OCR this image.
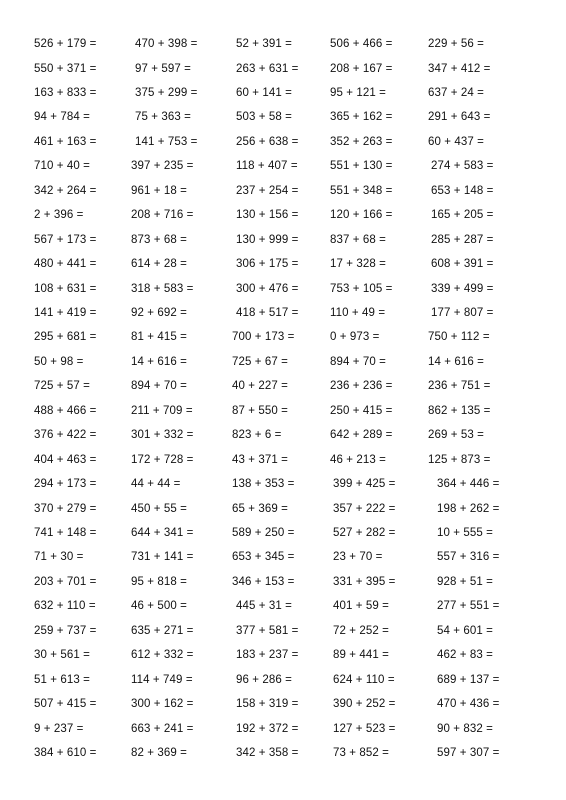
526 + 179 =	470 + 398 =	52 + 391 =	506 + 466 =	229 + 56 =
550 + 371 =	97 + 597 =	263 + 631 =	208 + 167 =	347 + 412 =
163 + 833 =	375 + 299 =	60 + 141 =	95 + 121 =	637 + 24 =
94 + 784 =	75 + 363 =	503 + 58 =	365 + 162 =	291 + 643 =
461 + 163 =	141 + 753 =	256 + 638 =	352 + 263 =	60 + 437 =
710 + 40 =	397 + 235 =	118 + 407 =	551 + 130 =	274 + 583 =
342 + 264 =	961 + 18 =	237 + 254 =	551 + 348 =	653 + 148 =
2 + 396 =	208 + 716 =	130 + 156 =	120 + 166 =	165 + 205 =
567 + 173 =	873 + 68 =	130 + 999 =	837 + 68 =	285 + 287 =
480 + 441 =	614 + 28 =	306 + 175 =	17 + 328 =	608 + 391 =
108 + 631 =	318 + 583 =	300 + 476 =	753 + 105 =	339 + 499 =
141 + 419 =	92 + 692 =	418 + 517 =	110 + 49 =	177 + 807 =
295 + 681 =	81 + 415 =	700 + 173 =	0 + 973 =	750 + 112 =
50 + 98 =	14 + 616 =	725 + 67 =	894 + 70 =	14 + 616 =
725 + 57 =	894 + 70 =	40 + 227 =	236 + 236 =	236 + 751 =
488 + 466 =	211 + 709 =	87 + 550 =	250 + 415 =	862 + 135 =
376 + 422 =	301 + 332 =	823 + 6 =	642 + 289 =	269 + 53 =
404 + 463 =	172 + 728 =	43 + 371 =	46 + 213 =	125 + 873 =
294 + 173 =	44 + 44 =	138 + 353 =	399 + 425 =	364 + 446 =
370 + 279 =	450 + 55 =	65 + 369 =	357 + 222 =	198 + 262 =
741 + 148 =	644 + 341 =	589 + 250 =	527 + 282 =	10 + 555 =
71 + 30 =	731 + 141 =	653 + 345 =	23 + 70 =	557 + 316 =
203 + 701 =	95 + 818 =	346 + 153 =	331 + 395 =	928 + 51 =
632 + 110 =	46 + 500 =	445 + 31 =	401 + 59 =	277 + 551 =
259 + 737 =	635 + 271 =	377 + 581 =	72 + 252 =	54 + 601 =
30 + 561 =	612 + 332 =	183 + 237 =	89 + 441 =	462 + 83 =
51 + 613 =	114 + 749 =	96 + 286 =	624 + 110 =	689 + 137 =
507 + 415 =	300 + 162 =	158 + 319 =	390 + 252 =	470 + 436 =
9 + 237 =	663 + 241 =	192 + 372 =	127 + 523 =	90 + 832 =
384 + 610 =	82 + 369 =	342 + 358 =	73 + 852 =	597 + 307 =
